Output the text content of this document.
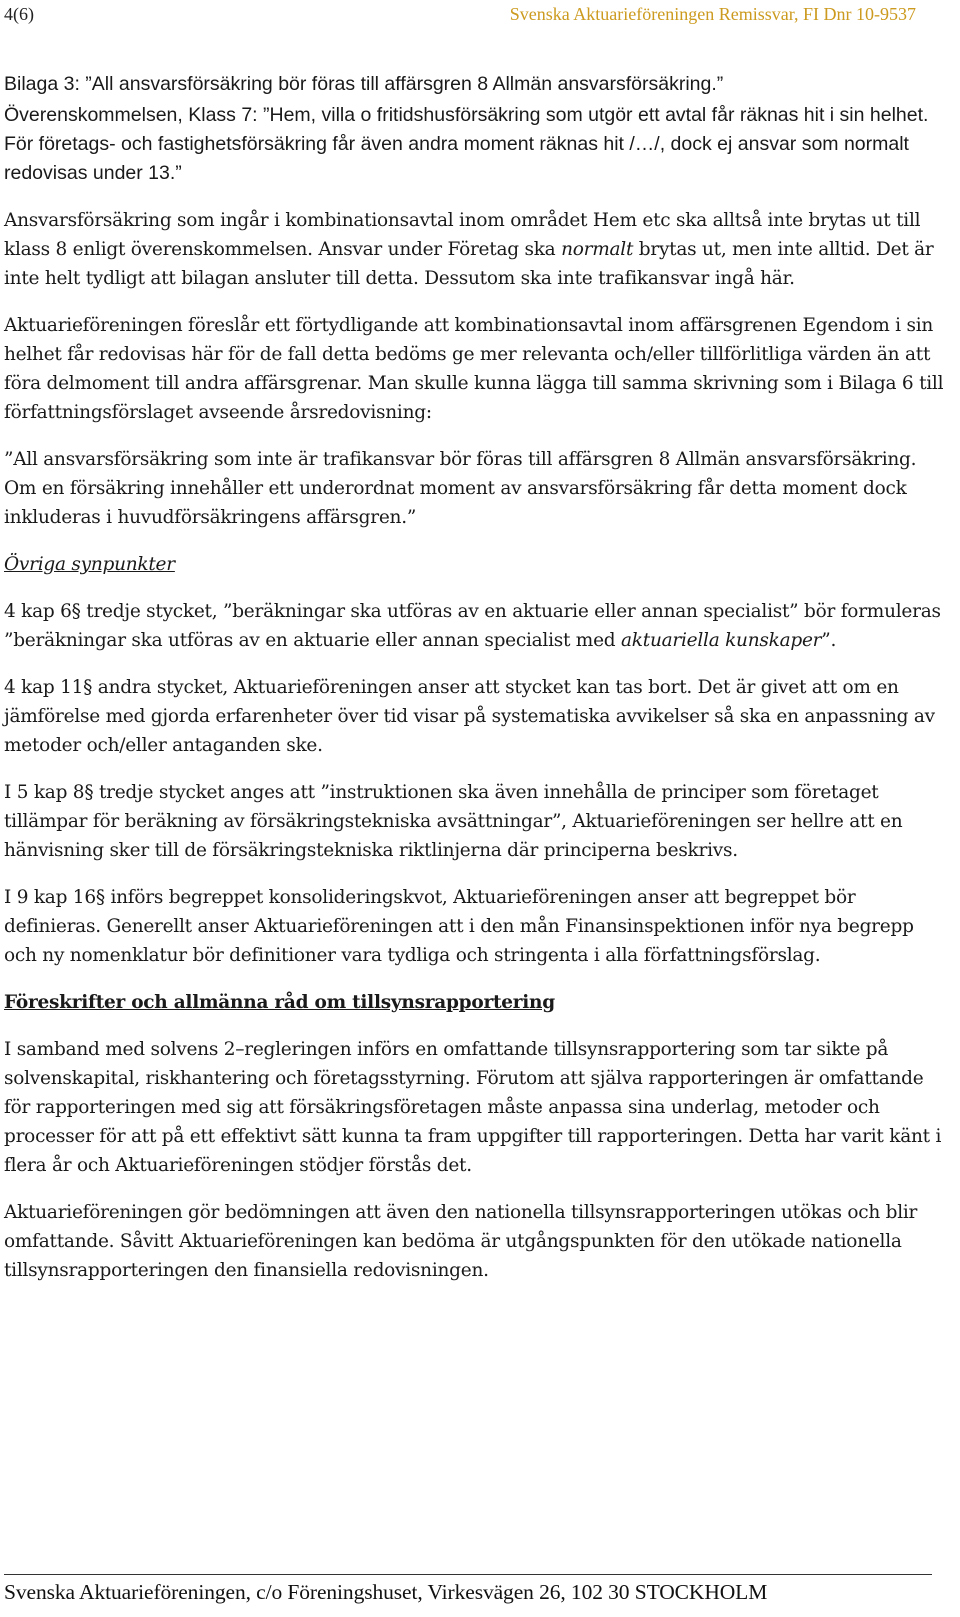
4(6)	Svenska Aktuarieföreningen Remissvar, FI Dnr 10-9537

Bilaga 3: ”All ansvarsförsäkring bör föras till affärsgren 8 Allmän ansvarsförsäkring.”

Överenskommelsen, Klass 7: ”Hem, villa o fritidshusförsäkring som utgör ett avtal får räknas hit i sin helhet. För företags- och fastighetsförsäkring får även andra moment räknas hit /…/, dock ej ansvar som normalt redovisas under 13.”

Ansvarsförsäkring som ingår i kombinationsavtal inom området Hem etc ska alltså inte brytas ut till klass 8 enligt överenskommelsen. Ansvar under Företag ska normalt brytas ut, men inte alltid. Det är inte helt tydligt att bilagan ansluter till detta. Dessutom ska inte trafikansvar ingå här.

Aktuarieföreningen föreslår ett förtydligande att kombinationsavtal inom affärsgrenen Egendom i sin helhet får redovisas här för de fall detta bedöms ge mer relevanta och/eller tillförlitliga värden än att föra delmoment till andra affärsgrenar. Man skulle kunna lägga till samma skrivning som i Bilaga 6 till författningsförslaget avseende årsredovisning:

”All ansvarsförsäkring som inte är trafikansvar bör föras till affärsgren 8 Allmän ansvarsförsäkring. Om en försäkring innehåller ett underordnat moment av ansvarsförsäkring får detta moment dock inkluderas i huvudförsäkringens affärsgren.”

Övriga synpunkter

4 kap 6§ tredje stycket, ”beräkningar ska utföras av en aktuarie eller annan specialist” bör formuleras ”beräkningar ska utföras av en aktuarie eller annan specialist med aktuariella kunskaper”.

4 kap 11§ andra stycket, Aktuarieföreningen anser att stycket kan tas bort. Det är givet att om en jämförelse med gjorda erfarenheter över tid visar på systematiska avvikelser så ska en anpassning av metoder och/eller antaganden ske.

I 5 kap 8§ tredje stycket anges att ”instruktionen ska även innehålla de principer som företaget tillämpar för beräkning av försäkringstekniska avsättningar”, Aktuarieföreningen ser hellre att en hänvisning sker till de försäkringstekniska riktlinjerna där principerna beskrivs.

I 9 kap 16§ införs begreppet konsolideringskvot, Aktuarieföreningen anser att begreppet bör definieras. Generellt anser Aktuarieföreningen att i den mån Finansinspektionen inför nya begrepp och ny nomenklatur bör definitioner vara tydliga och stringenta i alla författningsförslag.

Föreskrifter och allmänna råd om tillsynsrapportering

I samband med solvens 2–regleringen införs en omfattande tillsynsrapportering som tar sikte på solvenskapital, riskhantering och företagsstyrning. Förutom att själva rapporteringen är omfattande för rapporteringen med sig att försäkringsföretagen måste anpassa sina underlag, metoder och processer för att på ett effektivt sätt kunna ta fram uppgifter till rapporteringen. Detta har varit känt i flera år och Aktuarieföreningen stödjer förstås det.

Aktuarieföreningen gör bedömningen att även den nationella tillsynsrapporteringen utökas och blir omfattande. Såvitt Aktuarieföreningen kan bedöma är utgångspunkten för den utökade nationella tillsynsrapporteringen den finansiella redovisningen.

Svenska Aktuarieföreningen, c/o Föreningshuset, Virkesvägen 26, 102 30 STOCKHOLM
